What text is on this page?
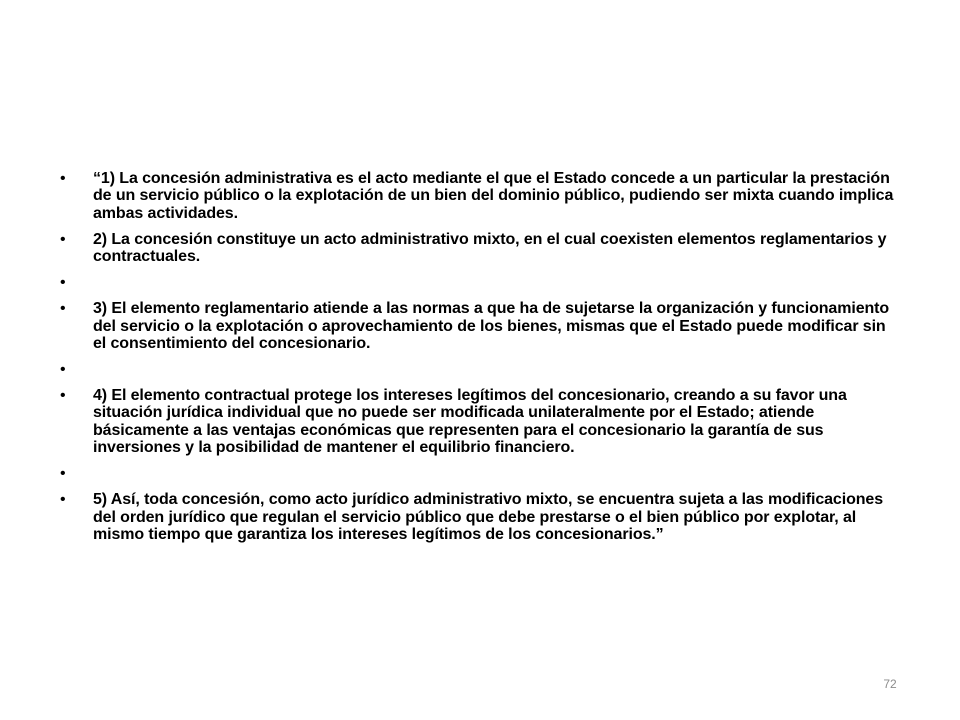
• “1) La concesión administrativa es el acto mediante el que el Estado concede a un particular la prestación de un servicio público o la explotación de un bien del dominio público, pudiendo ser mixta cuando implica ambas actividades.
• 2) La concesión constituye un acto administrativo mixto, en el cual coexisten elementos reglamentarios y contractuales.
•
• 3) El elemento reglamentario atiende a las normas a que ha de sujetarse la organización y funcionamiento del servicio o la explotación o aprovechamiento de los bienes, mismas que el Estado puede modificar sin el consentimiento del concesionario.
•
• 4) El elemento contractual protege los intereses legítimos del concesionario, creando a su favor una situación jurídica individual que no puede ser modificada unilateralmente por el Estado; atiende básicamente a las ventajas económicas que representen para el concesionario la garantía de sus inversiones y la posibilidad de mantener el equilibrio financiero.
•
• 5) Así, toda concesión, como acto jurídico administrativo mixto, se encuentra sujeta a las modificaciones del orden jurídico que regulan el servicio público que debe prestarse o el bien público por explotar, al mismo tiempo que garantiza los intereses legítimos de los concesionarios.”
72
